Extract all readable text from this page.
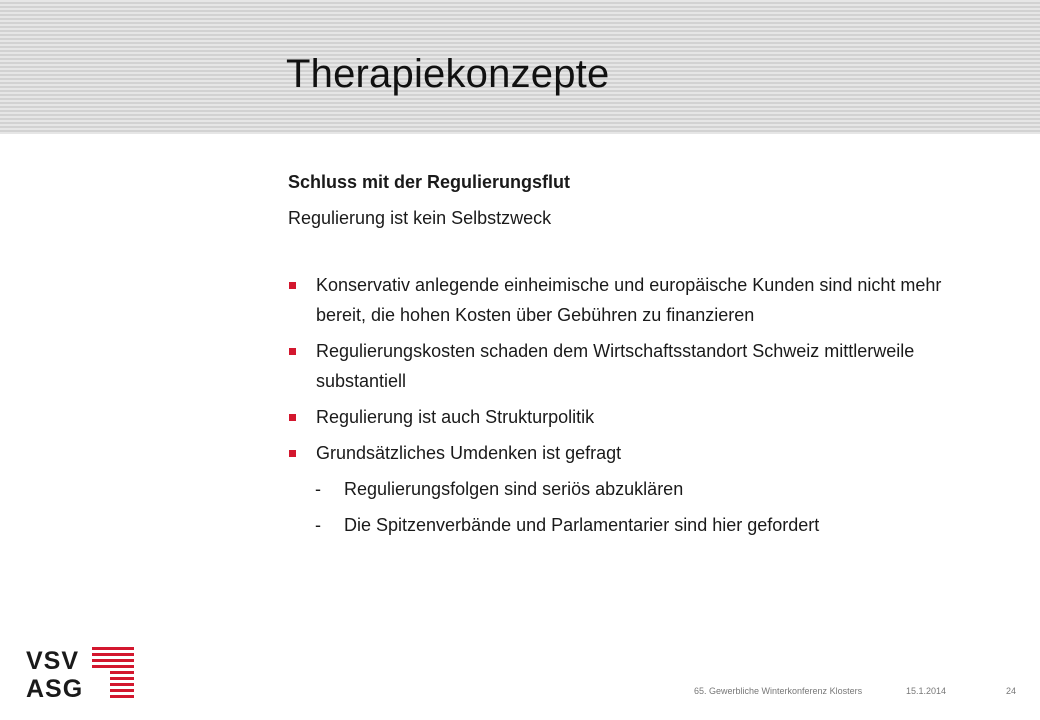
Therapiekonzepte

Schluss mit der Regulierungsflut

Regulierung ist kein Selbstzweck

Konservativ anlegende einheimische und europäische Kunden sind nicht mehr bereit, die hohen Kosten über Gebühren zu finanzieren
Regulierungskosten schaden dem Wirtschaftsstandort Schweiz mittlerweile substantiell
Regulierung ist auch Strukturpolitik
Grundsätzliches Umdenken ist gefragt
- Regulierungsfolgen sind seriös abzuklären
- Die Spitzenverbände und Parlamentarier sind hier gefordert
VSV
ASG	65. Gewerbliche Winterkonferenz Klosters	15.1.2014	24
